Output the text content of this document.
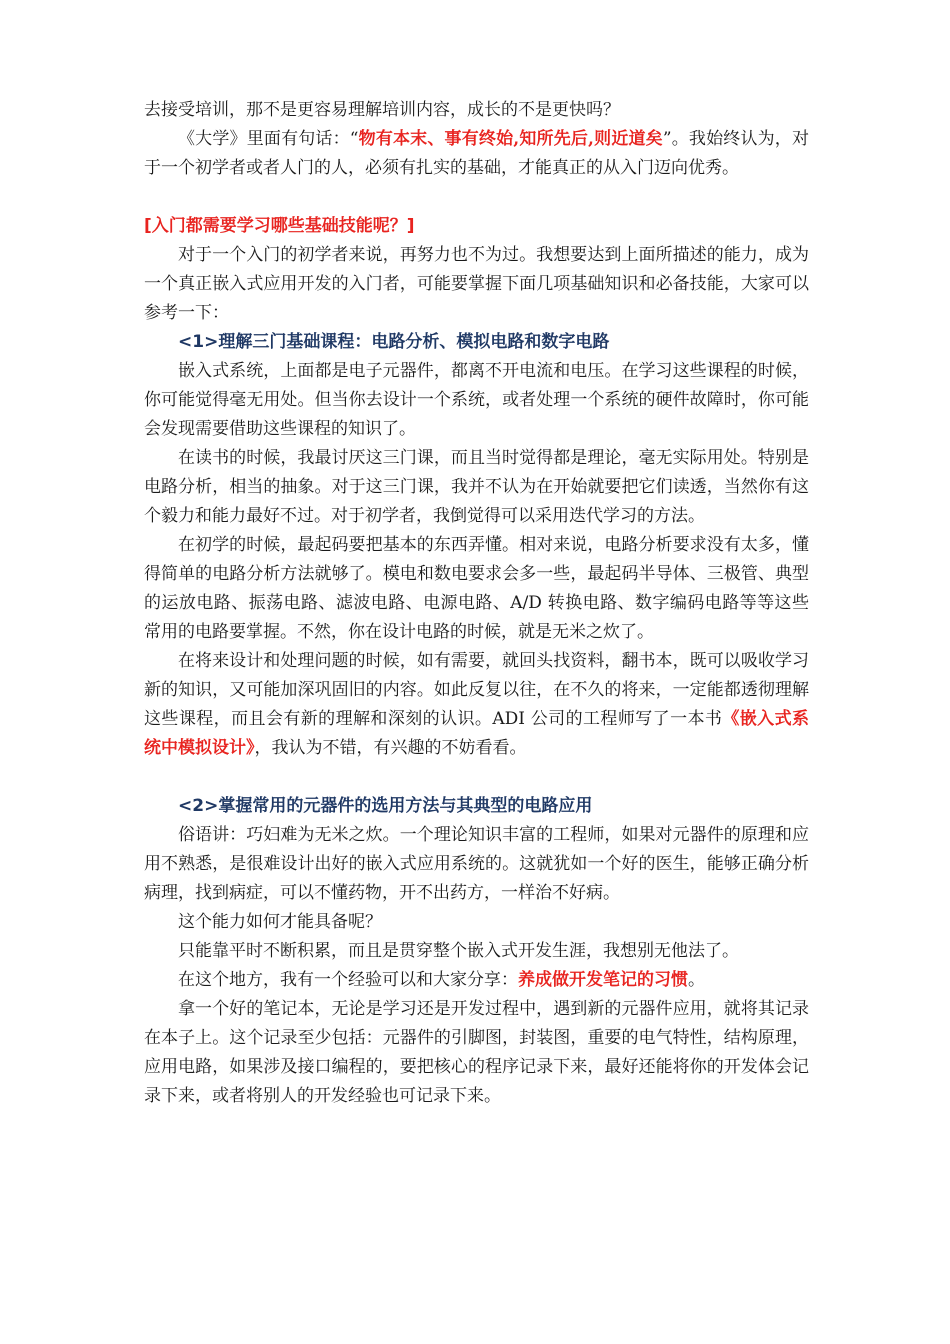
去接受培训，那不是更容易理解培训内容，成长的不是更快吗？

《大学》里面有句话：“物有本末、事有终始,知所先后,则近道矣”。我始终认为，对于一个初学者或者人门的人，必须有扎实的基础，才能真正的从入门迈向优秀。

[入门都需要学习哪些基础技能呢？]

对于一个入门的初学者来说，再努力也不为过。我想要达到上面所描述的能力，成为一个真正嵌入式应用开发的入门者，可能要掌握下面几项基础知识和必备技能，大家可以参考一下：

<1>理解三门基础课程：电路分析、模拟电路和数字电路

嵌入式系统，上面都是电子元器件，都离不开电流和电压。在学习这些课程的时候，你可能觉得毫无用处。但当你去设计一个系统，或者处理一个系统的硬件故障时，你可能会发现需要借助这些课程的知识了。

在读书的时候，我最讨厌这三门课，而且当时觉得都是理论，毫无实际用处。特别是电路分析，相当的抽象。对于这三门课，我并不认为在开始就要把它们读透，当然你有这个毅力和能力最好不过。对于初学者，我倒觉得可以采用迭代学习的方法。

在初学的时候，最起码要把基本的东西弄懂。相对来说，电路分析要求没有太多，懂得简单的电路分析方法就够了。模电和数电要求会多一些，最起码半导体、三极管、典型的运放电路、振荡电路、滤波电路、电源电路、A/D 转换电路、数字编码电路等等这些常用的电路要掌握。不然，你在设计电路的时候，就是无米之炊了。

在将来设计和处理问题的时候，如有需要，就回头找资料，翻书本，既可以吸收学习新的知识，又可能加深巩固旧的内容。如此反复以往，在不久的将来，一定能都透彻理解这些课程，而且会有新的理解和深刻的认识。ADI 公司的工程师写了一本书《嵌入式系统中模拟设计》，我认为不错，有兴趣的不妨看看。

<2>掌握常用的元器件的选用方法与其典型的电路应用

俗语讲：巧妇难为无米之炊。一个理论知识丰富的工程师，如果对元器件的原理和应用不熟悉，是很难设计出好的嵌入式应用系统的。这就犹如一个好的医生，能够正确分析病理，找到病症，可以不懂药物，开不出药方，一样治不好病。

这个能力如何才能具备呢？

只能靠平时不断积累，而且是贯穿整个嵌入式开发生涯，我想别无他法了。

在这个地方，我有一个经验可以和大家分享：养成做开发笔记的习惯。

拿一个好的笔记本，无论是学习还是开发过程中，遇到新的元器件应用，就将其记录在本子上。这个记录至少包括：元器件的引脚图，封装图，重要的电气特性，结构原理，应用电路，如果涉及接口编程的，要把核心的程序记录下来，最好还能将你的开发体会记录下来，或者将别人的开发经验也可记录下来。
